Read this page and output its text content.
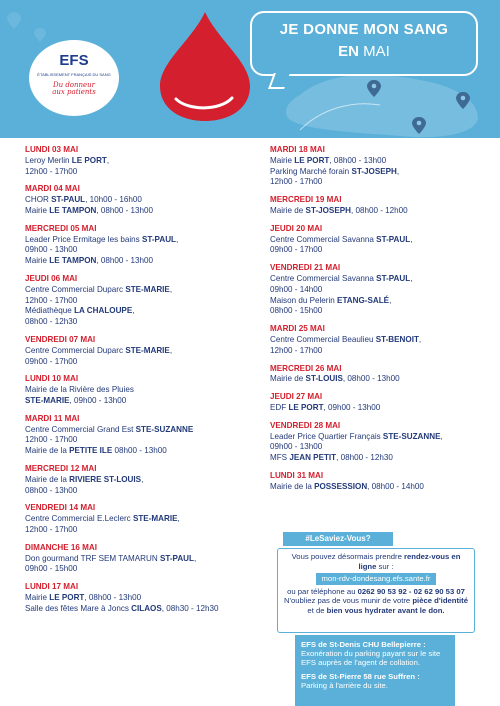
EFS
ÉTABLISSEMENT FRANÇAIS DU SANG
Du donneur
aux patients
JE DONNE MON SANG
EN MAI
LUNDI 03 MAI
Leroy Merlin LE PORT,
12h00 - 17h00
MARDI 04 MAI
CHOR ST-PAUL, 10h00 - 16h00
Mairie LE TAMPON, 08h00 - 13h00
MERCREDI 05 MAI
Leader Price Ermitage les bains ST-PAUL,
09h00 - 13h00
Mairie LE TAMPON, 08h00 - 13h00
JEUDI 06 MAI
Centre Commercial Duparc STE-MARIE,
12h00 - 17h00
Médiathèque LA CHALOUPE,
08h00 - 12h30
VENDREDI 07 MAI
Centre Commercial Duparc STE-MARIE,
09h00 - 17h00
LUNDI 10 MAI
Mairie de la Rivière des Pluies
STE-MARIE, 09h00 - 13h00
MARDI 11 MAI
Centre Commercial Grand Est STE-SUZANNE
12h00 - 17h00
Mairie de la PETITE ILE 08h00 - 13h00
MERCREDI 12 MAI
Mairie de la RIVIERE ST-LOUIS,
08h00 - 13h00
VENDREDI 14 MAI
Centre Commercial E.Leclerc STE-MARIE,
12h00 - 17h00
DIMANCHE 16 MAI
Don gourmand TRF SEM TAMARUN ST-PAUL,
09h00 - 15h00
LUNDI 17 MAI
Mairie LE PORT, 08h00 - 13h00
Salle des fêtes Mare à Joncs CILAOS, 08h30 - 12h30
MARDI 18 MAI
Mairie LE PORT, 08h00 - 13h00
Parking Marché forain ST-JOSEPH,
12h00 - 17h00
MERCREDI 19 MAI
Mairie de ST-JOSEPH, 08h00 - 12h00
JEUDI 20 MAI
Centre Commercial Savanna ST-PAUL,
09h00 - 17h00
VENDREDI 21 MAI
Centre Commercial Savanna ST-PAUL,
09h00 - 14h00
Maison du Pelerin ETANG-SALÉ,
08h00 - 15h00
MARDI 25 MAI
Centre Commercial Beaulieu ST-BENOIT,
12h00 - 17h00
MERCREDI 26 MAI
Mairie de ST-LOUIS, 08h00 - 13h00
JEUDI 27 MAI
EDF LE PORT, 09h00 - 13h00
VENDREDI 28 MAI
Leader Price Quartier Français STE-SUZANNE,
09h00 - 13h00
MFS JEAN PETIT, 08h00 - 12h30
LUNDI 31 MAI
Mairie de la POSSESSION, 08h00 - 14h00
Vous pouvez désormais prendre rendez-vous en ligne sur :
mon-rdv-dondesang.efs.sante.fr
ou par téléphone au 0262 90 53 92 - 02 62 90 53 07
N'oubliez pas de vous munir de votre pièce d'identité et de bien vous hydrater avant le don.
#LeSaviez-Vous?
EFS de St-Denis CHU Bellepierre :
Exonération du parking payant sur le site EFS auprès de l'agent de collation.
EFS de St-Pierre 58 rue Suffren :
Parking à l'arrière du site.
